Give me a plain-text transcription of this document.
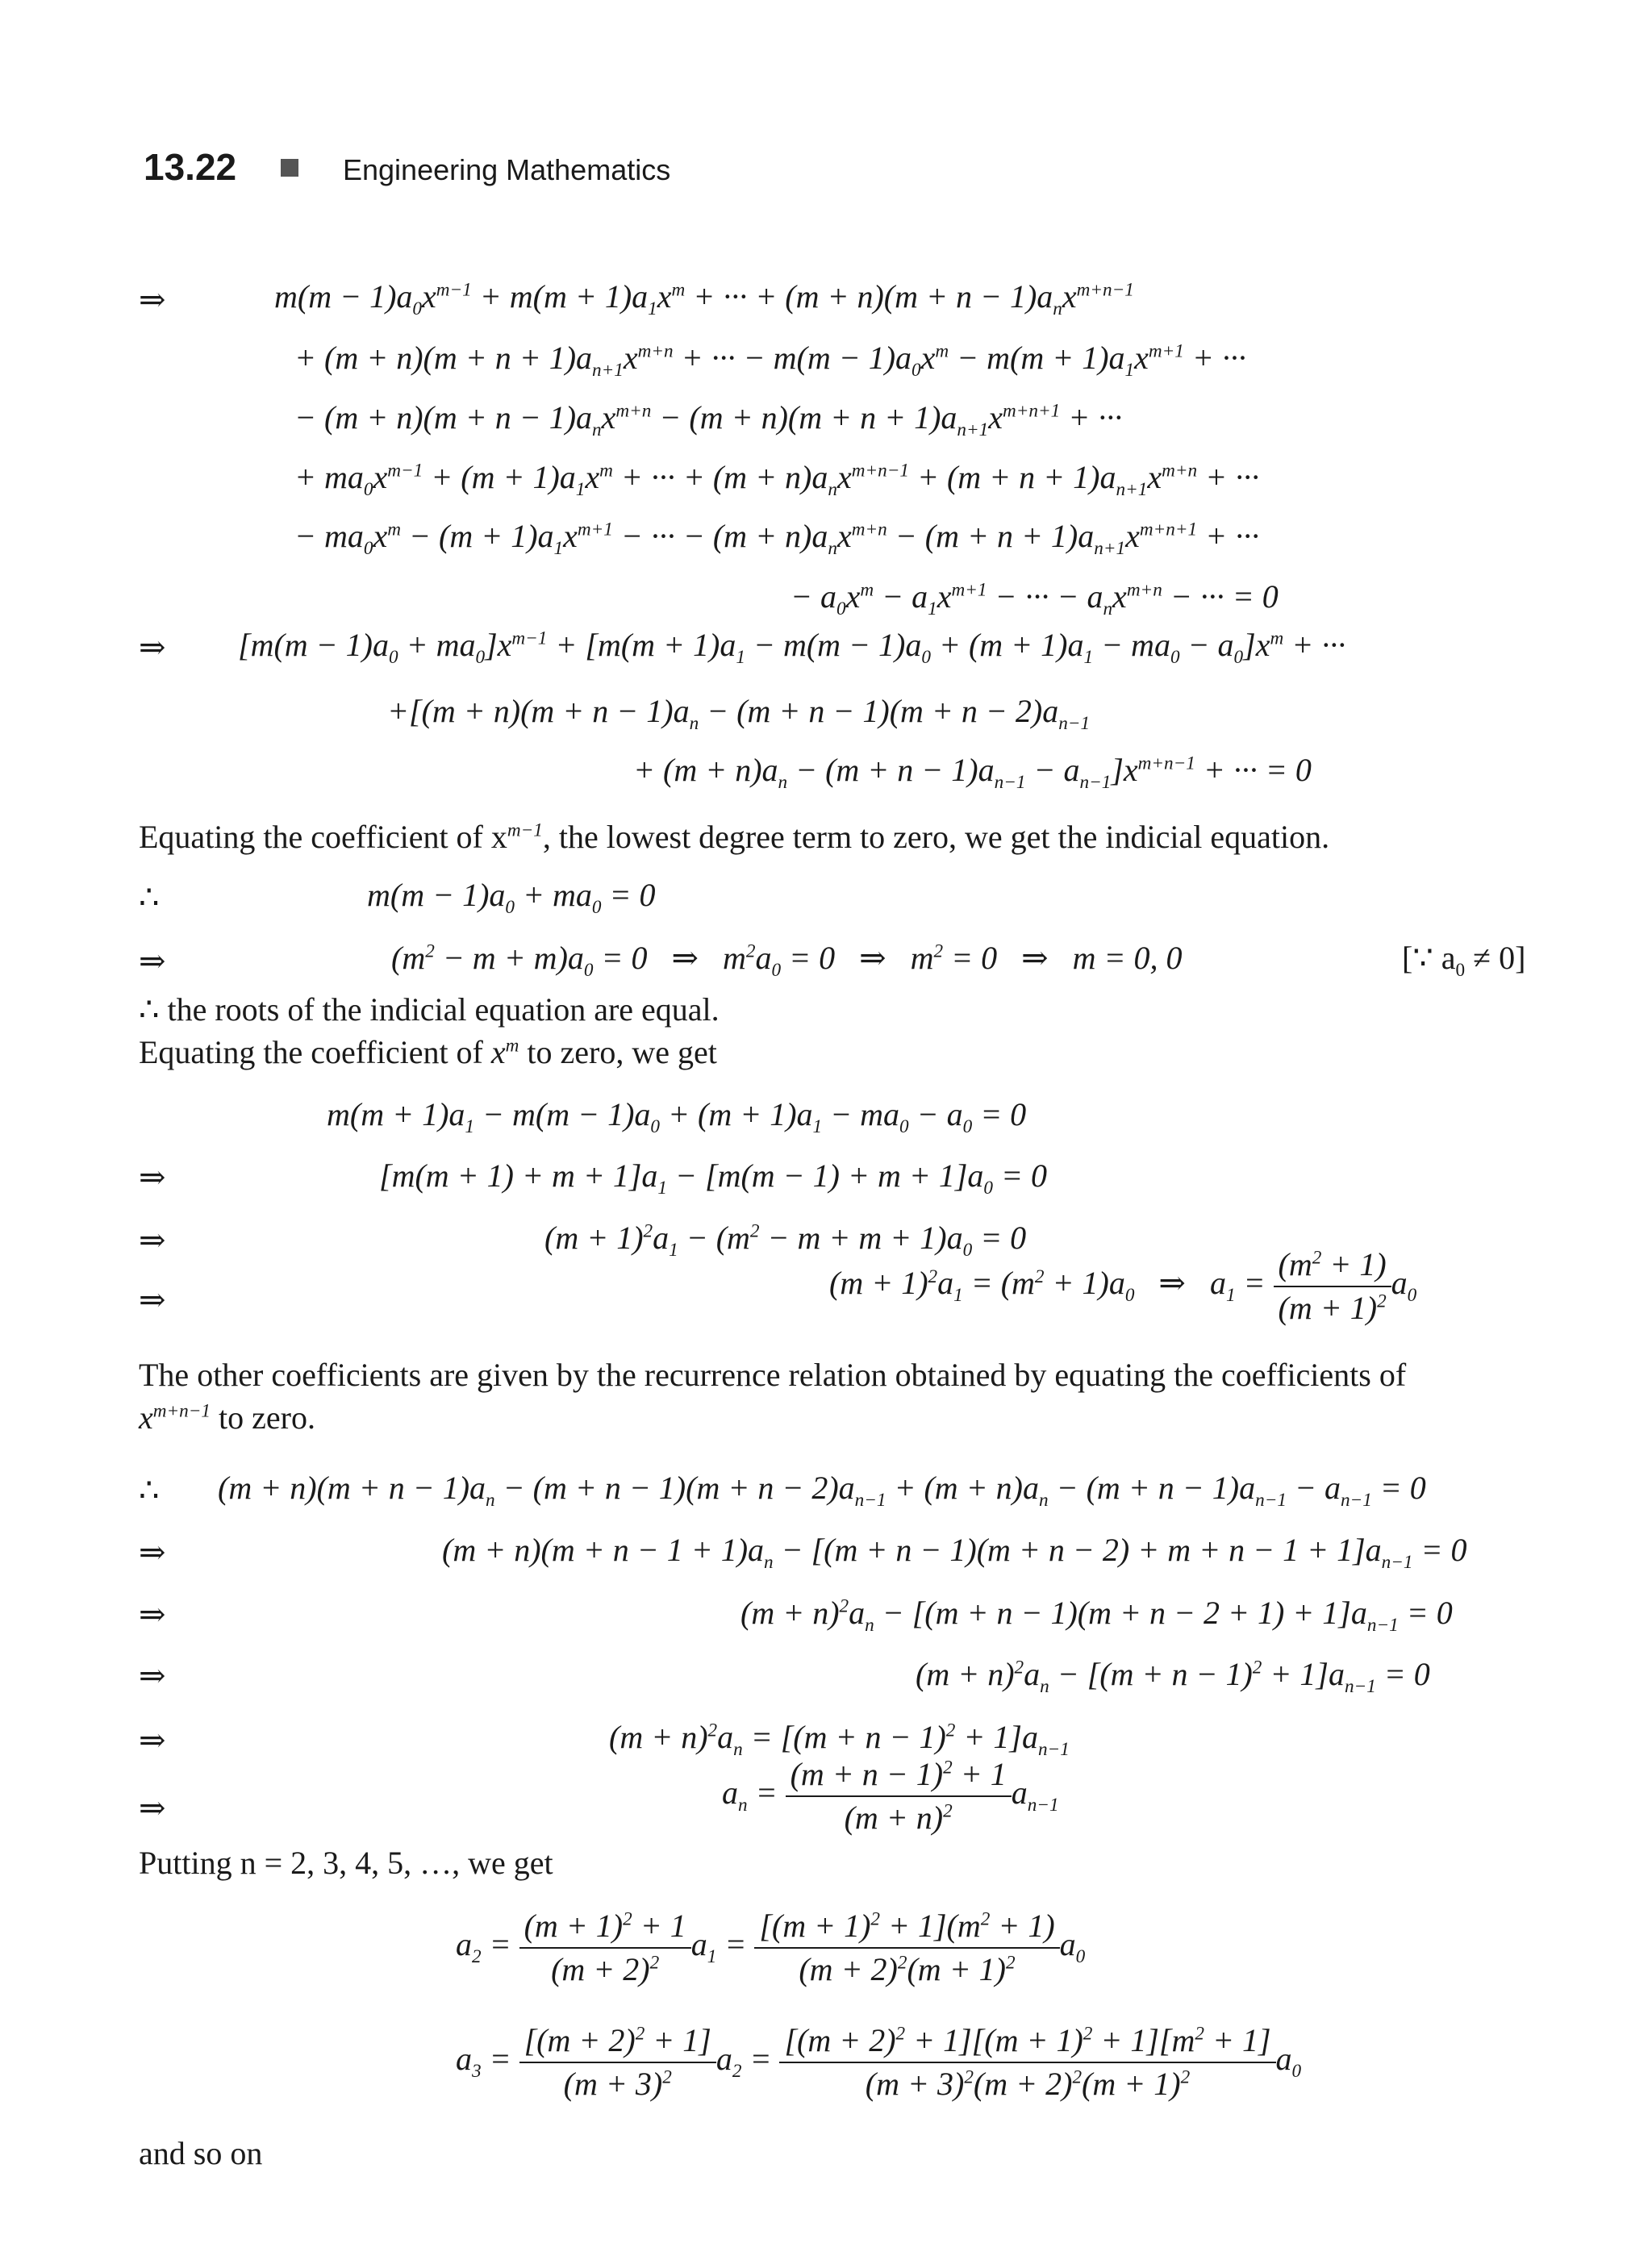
13.22	Engineering Mathematics
⇒	$m(m - 1)a_0x^{m-1} + m(m + 1)a_1x^m$ + ··· + $(m + n)(m + n - 1)a_nx^{m+n-1}$
+ $(m + n)(m + n + 1)a_{n+1}x^{m+n}$ + ··· − $m(m - 1)a_0x^m - m(m + 1)a_1x^{m+1}$ + ···
− $(m + n)(m + n - 1)a_nx^{m+n} - (m + n)(m + n + 1)a_{n+1}x^{m+n+1}$ + ···
+ $ma_0x^{m-1} + (m + 1)a_1x^m$ + ··· + $(m + n)a_nx^{m+n-1} + (m + n + 1)a_{n+1}x^{m+n}$ + ···
− $ma_0x^m - (m + 1)a_1x^{m+1}$ − ··· − $(m + n)a_nx^{m+n} - (m + n + 1)a_{n+1}x^{m+n+1}$ + ···
− $a_0x^m - a_1x^{m+1}$ − ··· − $a_nx^{m+n}$ − ··· = 0
⇒ $[m(m - 1)a_0 + ma_0]x^{m-1} + [m(m + 1)a_1 - m(m - 1)a_0 + (m + 1)a_1 - ma_0 - a_0]x^m$ + ···
$+[(m + n)(m + n - 1)a_n - (m + n - 1)(m + n - 2)a_{n-1}$
+ $(m + n)a_n - (m + n - 1)a_{n-1} - a_{n-1}]x^{m+n-1}$ + ··· = 0
Equating the coefficient of $x^{m-1}$, the lowest degree term to zero, we get the indicial equation.
∴	$m(m - 1)a_0 + ma_0 = 0$
⇒	$(m^2 - m + m)a_0 = 0$   ⇒   $m^2a_0 = 0$   ⇒   $m^2 = 0$   ⇒   m = 0, 0	[∵ $a_0 \ne 0$]
∴ the roots of the indicial equation are equal.
Equating the coefficient of $x^m$ to zero, we get
$m(m + 1)a_1 - m(m - 1)a_0 + (m + 1)a_1 - ma_0 - a_0 = 0$
⇒	$[m(m + 1) + m + 1]a_1 - [m(m - 1) + m + 1]a_0 = 0$
⇒	$(m + 1)^2a_1 - (m^2 - m + m + 1)a_0 = 0$
⇒	$(m + 1)^2a_1 = (m^2 + 1)a_0$   ⇒   $a_1 = \frac{(m^2 + 1)}{(m + 1)^2} a_0$
The other coefficients are given by the recurrence relation obtained by equating the coefficients of
$x^{m+n-1}$ to zero.
∴ $(m + n)(m + n - 1)a_n - (m + n - 1)(m + n - 2)a_{n-1} + (m + n)a_n - (m + n - 1)a_{n-1} - a_{n-1} = 0$
⇒	$(m + n)(m + n - 1 + 1)a_n - [(m + n - 1)(m + n - 2) + m + n - 1 + 1]a_{n-1} = 0$
⇒	$(m + n)^2a_n - [(m + n - 1)(m + n - 2 + 1) + 1]a_{n-1} = 0$
⇒	$(m + n)^2a_n - [(m + n - 1)^2 + 1]a_{n-1} = 0$
⇒	$(m + n)^2a_n = [(m + n - 1)^2 + 1]a_{n-1}$
⇒	$a_n = \frac{(m + n - 1)^2 + 1}{(m + n)^2} a_{n-1}$
Putting n = 2, 3, 4, 5, …, we get
$a_2 = \frac{(m + 1)^2 + 1}{(m + 2)^2} a_1 = \frac{[(m + 1)^2 + 1](m^2 + 1)}{(m + 2)^2(m + 1)^2} a_0$
$a_3 = \frac{[(m + 2)^2 + 1]}{(m + 3)^2} a_2 = \frac{[(m + 2)^2 + 1][(m + 1)^2 + 1][m^2 + 1]}{(m + 3)^2(m + 2)^2(m + 1)^2} a_0$
and so on
